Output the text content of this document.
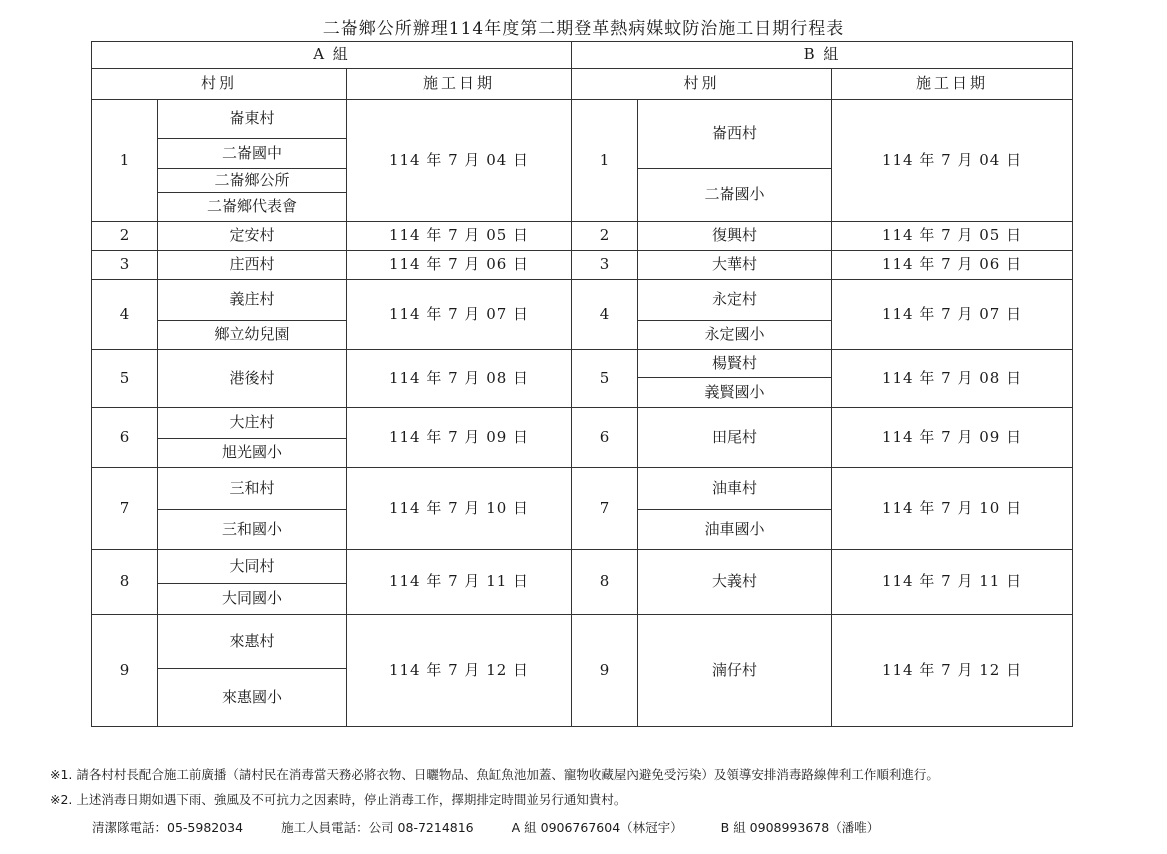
二崙鄉公所辦理114年度第二期登革熱病媒蚊防治施工日期行程表
A 組			B 組		
村別		施工日期	村別		施工日期
1	崙東村	114 年 7 月 04 日	1	崙西村	114 年 7 月 04 日
	二崙國中				
	二崙鄉公所			二崙國小	
	二崙鄉代表會				
2	定安村	114 年 7 月 05 日	2	復興村	114 年 7 月 05 日
3	庄西村	114 年 7 月 06 日	3	大華村	114 年 7 月 06 日
4	義庄村	114 年 7 月 07 日	4	永定村	114 年 7 月 07 日
	鄉立幼兒園			永定國小	
5	港後村	114 年 7 月 08 日	5	楊賢村	114 年 7 月 08 日
				義賢國小	
6	大庄村	114 年 7 月 09 日	6	田尾村	114 年 7 月 09 日
	旭光國小				
7	三和村	114 年 7 月 10 日	7	油車村	114 年 7 月 10 日
	三和國小			油車國小	
8	大同村	114 年 7 月 11 日	8	大義村	114 年 7 月 11 日
	大同國小				
9	來惠村	114 年 7 月 12 日	9	湳仔村	114 年 7 月 12 日
	來惠國小				
※1. 請各村村長配合施工前廣播（請村民在消毒當天務必將衣物、日曬物品、魚缸魚池加蓋、寵物收藏屋內避免受污染）及領導安排消毒路線俾利工作順利進行。
※2. 上述消毒日期如遇下雨、強風及不可抗力之因素時，停止消毒工作，擇期排定時間並另行通知貴村。
清潔隊電話：05-5982034	施工人員電話：公司 08-7214816	A 組 0906767604（林冠宇）	B 組 0908993678（潘唯）
